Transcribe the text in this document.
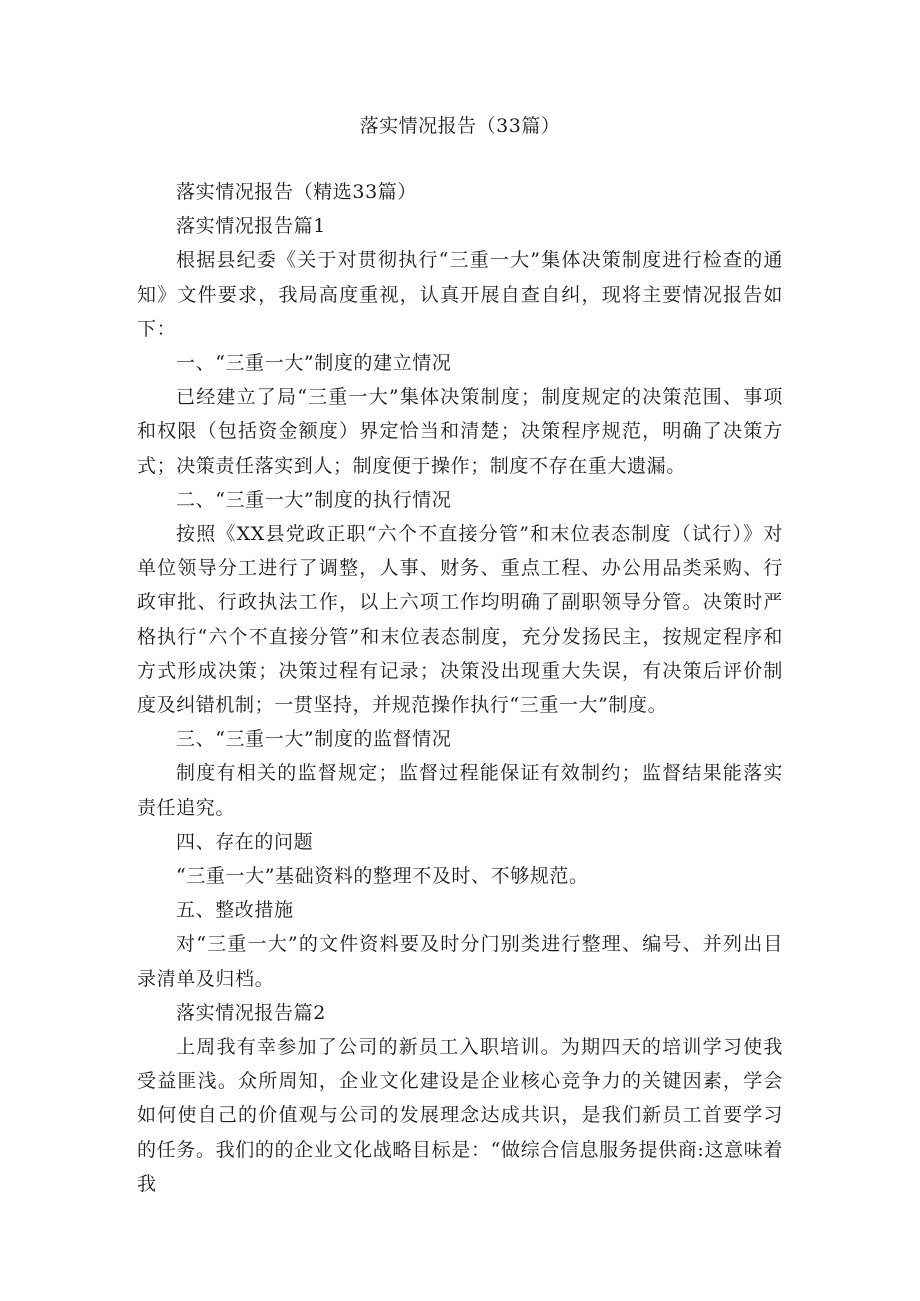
落实情况报告（33篇）

落实情况报告（精选33篇）

落实情况报告篇1

根据县纪委《关于对贯彻执行“三重一大”集体决策制度进行检查的通知》文件要求，我局高度重视，认真开展自查自纠，现将主要情况报告如下：

一、“三重一大”制度的建立情况

已经建立了局“三重一大”集体决策制度；制度规定的决策范围、事项和权限（包括资金额度）界定恰当和清楚；决策程序规范，明确了决策方式；决策责任落实到人；制度便于操作；制度不存在重大遗漏。

二、“三重一大”制度的执行情况

按照《XX县党政正职“六个不直接分管”和末位表态制度（试行）》对单位领导分工进行了调整，人事、财务、重点工程、办公用品类采购、行政审批、行政执法工作，以上六项工作均明确了副职领导分管。决策时严格执行“六个不直接分管”和末位表态制度，充分发扬民主，按规定程序和方式形成决策；决策过程有记录；决策没出现重大失误，有决策后评价制度及纠错机制；一贯坚持，并规范操作执行“三重一大”制度。

三、“三重一大”制度的监督情况

制度有相关的监督规定；监督过程能保证有效制约；监督结果能落实责任追究。

四、存在的问题

“三重一大”基础资料的整理不及时、不够规范。

五、整改措施

对“三重一大”的文件资料要及时分门别类进行整理、编号、并列出目录清单及归档。

落实情况报告篇2

上周我有幸参加了公司的新员工入职培训。为期四天的培训学习使我受益匪浅。众所周知，企业文化建设是企业核心竞争力的关键因素，学会如何使自己的价值观与公司的发展理念达成共识，是我们新员工首要学习的任务。我们的的企业文化战略目标是：“做综合信息服务提供商:这意味着我
